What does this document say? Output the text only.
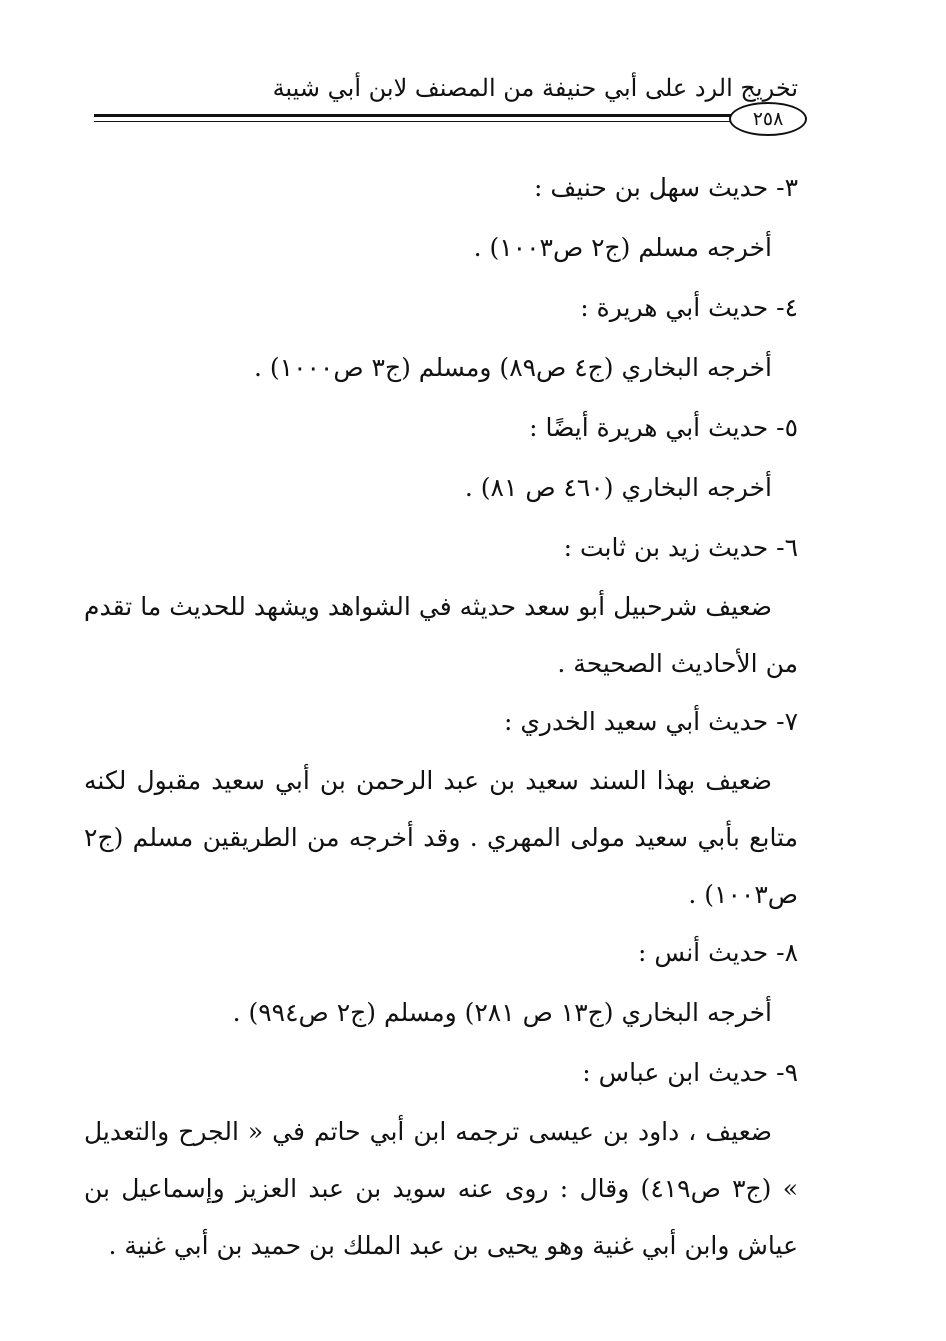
تخريج الرد على أبي حنيفة من المصنف لابن أبي شيبة
٢٥٨

٣- حديث سهل بن حنيف :

أخرجه مسلم (ج٢ ص١٠٠٣) .

٤- حديث أبي هريرة :

أخرجه البخاري (ج٤ ص٨٩) ومسلم (ج٣ ص١٠٠٠) .

٥- حديث أبي هريرة أيضًا :

أخرجه البخاري (٤٦٠ ص ٨١) .

٦- حديث زيد بن ثابت :

ضعيف شرحبيل أبو سعد حديثه في الشواهد ويشهد للحديث ما تقدم من الأحاديث الصحيحة .

٧- حديث أبي سعيد الخدري :

ضعيف بهذا السند سعيد بن عبد الرحمن بن أبي سعيد مقبول لكنه متابع بأبي سعيد مولى المهري . وقد أخرجه من الطريقين مسلم (ج٢ ص١٠٠٣) .

٨- حديث أنس :

أخرجه البخاري (ج١٣ ص ٢٨١) ومسلم (ج٢ ص٩٩٤) .

٩- حديث ابن عباس :

ضعيف ، داود بن عيسى ترجمه ابن أبي حاتم في « الجرح والتعديل » (ج٣ ص٤١٩) وقال : روى عنه سويد بن عبد العزيز وإسماعيل بن عياش وابن أبي غنية وهو يحيى بن عبد الملك بن حميد بن أبي غنية .
